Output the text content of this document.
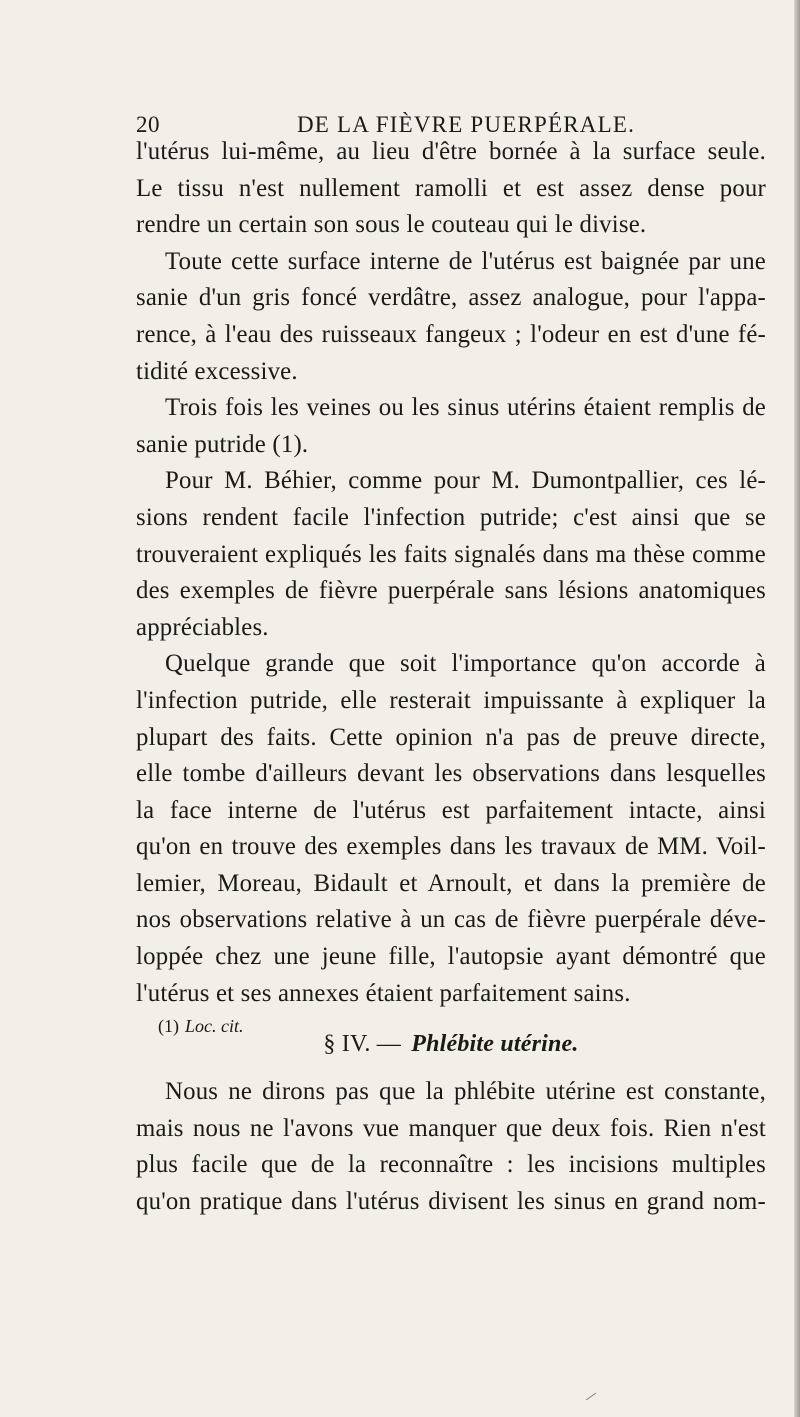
20	DE LA FIÈVRE PUERPÉRALE.
l'utérus lui-même, au lieu d'être bornée à la surface seule.
Le tissu n'est nullement ramolli et est assez dense pour
rendre un certain son sous le couteau qui le divise.
Toute cette surface interne de l'utérus est baignée par une
sanie d'un gris foncé verdâtre, assez analogue, pour l'appa-
rence, à l'eau des ruisseaux fangeux ; l'odeur en est d'une fé-
tidité excessive.
Trois fois les veines ou les sinus utérins étaient remplis de
sanie putride (1).
Pour M. Béhier, comme pour M. Dumontpallier, ces lé-
sions rendent facile l'infection putride; c'est ainsi que se
trouveraient expliqués les faits signalés dans ma thèse comme
des exemples de fièvre puerpérale sans lésions anatomiques
appréciables.
Quelque grande que soit l'importance qu'on accorde à
l'infection putride, elle resterait impuissante à expliquer la
plupart des faits. Cette opinion n'a pas de preuve directe,
elle tombe d'ailleurs devant les observations dans lesquelles
la face interne de l'utérus est parfaitement intacte, ainsi
qu'on en trouve des exemples dans les travaux de MM. Voil-
lemier, Moreau, Bidault et Arnoult, et dans la première de
nos observations relative à un cas de fièvre puerpérale déve-
loppée chez une jeune fille, l'autopsie ayant démontré que
l'utérus et ses annexes étaient parfaitement sains.
§ IV. — Phlébite utérine.
Nous ne dirons pas que la phlébite utérine est constante,
mais nous ne l'avons vue manquer que deux fois. Rien n'est
plus facile que de la reconnaître : les incisions multiples
qu'on pratique dans l'utérus divisent les sinus en grand nom-
(1) Loc. cit.
